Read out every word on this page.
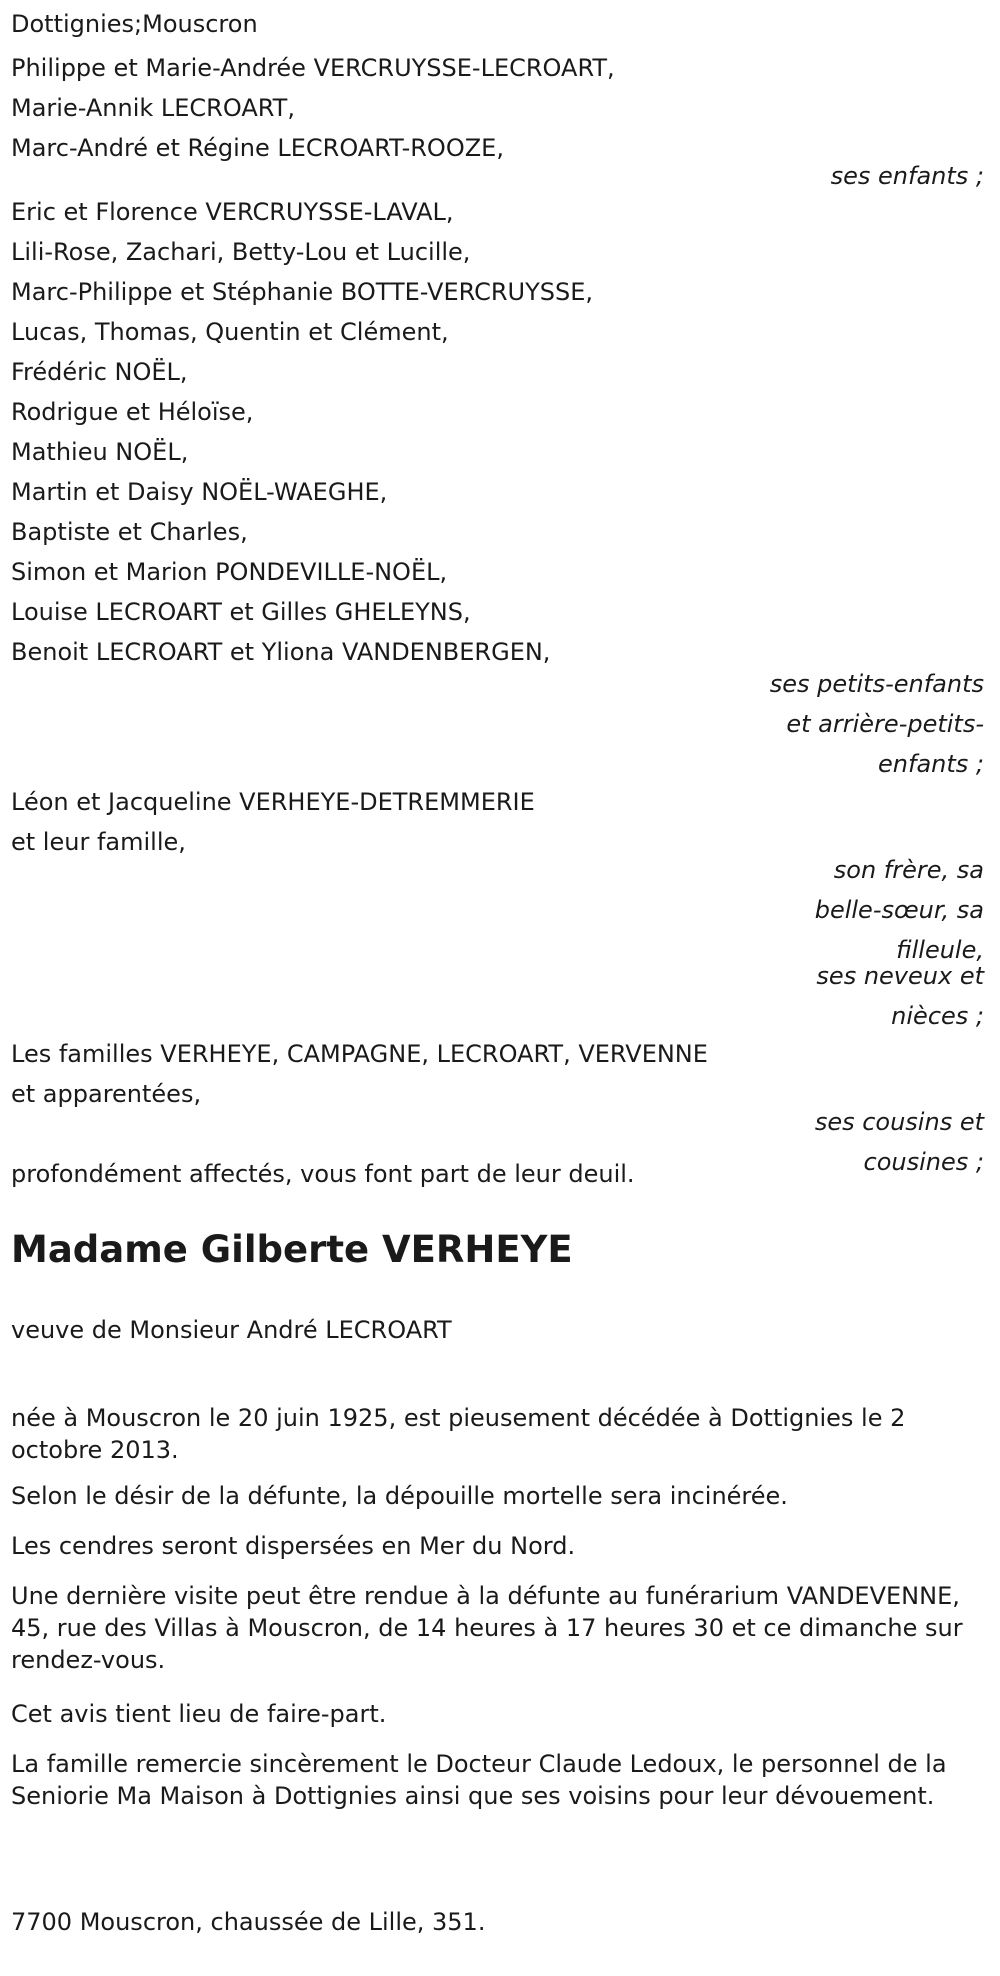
Dottignies;Mouscron
Philippe et Marie-Andrée VERCRUYSSE-LECROART,
Marie-Annik LECROART,
Marc-André et Régine LECROART-ROOZE,
ses enfants ;
Eric et Florence VERCRUYSSE-LAVAL,
Lili-Rose, Zachari, Betty-Lou et Lucille,
Marc-Philippe et Stéphanie BOTTE-VERCRUYSSE,
Lucas, Thomas, Quentin et Clément,
Frédéric NOËL,
Rodrigue et Héloïse,
Mathieu NOËL,
Martin et Daisy NOËL-WAEGHE,
Baptiste et Charles,
Simon et Marion PONDEVILLE-NOËL,
Louise LECROART et Gilles GHELEYNS,
Benoit LECROART et Yliona VANDENBERGEN,
ses petits-enfants
et arrière-petits-
enfants ;
Léon et Jacqueline VERHEYE-DETREMMERIE
et leur famille,
son frère, sa
belle-sœur, sa
filleule,
ses neveux et
nièces ;
Les familles VERHEYE, CAMPAGNE, LECROART, VERVENNE
et apparentées,
ses cousins et
cousines ;
profondément affectés, vous font part de leur deuil.
Madame Gilberte VERHEYE
veuve de Monsieur André LECROART
née à Mouscron le 20 juin 1925, est pieusement décédée à Dottignies le 2 octobre 2013.
Selon le désir de la défunte, la dépouille mortelle sera incinérée.
Les cendres seront dispersées en Mer du Nord.
Une dernière visite peut être rendue à la défunte au funérarium VANDEVENNE, 45, rue des Villas à Mouscron, de 14 heures à 17 heures 30 et ce dimanche sur rendez-vous.
Cet avis tient lieu de faire-part.
La famille remercie sincèrement le Docteur Claude Ledoux, le personnel de la Seniorie Ma Maison à Dottignies ainsi que ses voisins pour leur dévouement.
7700 Mouscron, chaussée de Lille, 351.
